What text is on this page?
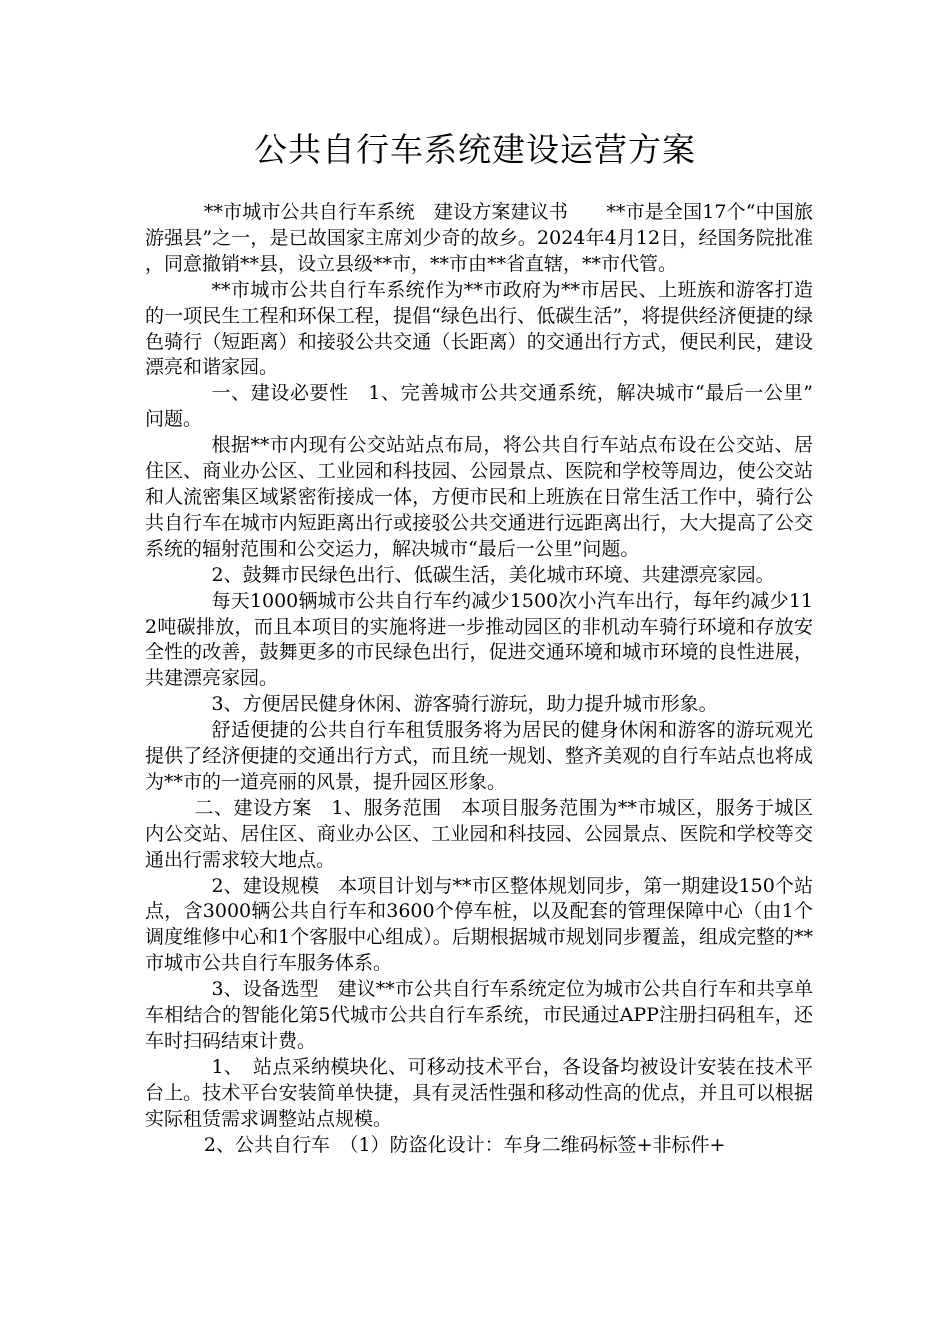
公共自行车系统建设运营方案

**市城市公共自行车系统　建设方案建议书　　**市是全国17个“中国旅游强县”之一，是已故国家主席刘少奇的故乡。2024年4月12日，经国务院批准，同意撤销**县，设立县级**市，**市由**省直辖，**市代管。

**市城市公共自行车系统作为**市政府为**市居民、上班族和游客打造的一项民生工程和环保工程，提倡“绿色出行、低碳生活”，将提供经济便捷的绿色骑行（短距离）和接驳公共交通（长距离）的交通出行方式，便民利民，建设漂亮和谐家园。

一、建设必要性　1、完善城市公共交通系统，解决城市“最后一公里”问题。

根据**市内现有公交站站点布局，将公共自行车站点布设在公交站、居住区、商业办公区、工业园和科技园、公园景点、医院和学校等周边，使公交站和人流密集区域紧密衔接成一体，方便市民和上班族在日常生活工作中，骑行公共自行车在城市内短距离出行或接驳公共交通进行远距离出行，大大提高了公交系统的辐射范围和公交运力，解决城市“最后一公里”问题。

2、鼓舞市民绿色出行、低碳生活，美化城市环境、共建漂亮家园。

每天1000辆城市公共自行车约减少1500次小汽车出行，每年约减少112吨碳排放，而且本项目的实施将进一步推动园区的非机动车骑行环境和存放安全性的改善，鼓舞更多的市民绿色出行，促进交通环境和城市环境的良性进展，共建漂亮家园。

3、方便居民健身休闲、游客骑行游玩，助力提升城市形象。

舒适便捷的公共自行车租赁服务将为居民的健身休闲和游客的游玩观光提供了经济便捷的交通出行方式，而且统一规划、整齐美观的自行车站点也将成为**市的一道亮丽的风景，提升园区形象。

二、建设方案　1、服务范围　本项目服务范围为**市城区，服务于城区内公交站、居住区、商业办公区、工业园和科技园、公园景点、医院和学校等交通出行需求较大地点。

2、建设规模　本项目计划与**市区整体规划同步，第一期建设150个站点，含3000辆公共自行车和3600个停车桩，以及配套的管理保障中心（由1个调度维修中心和1个客服中心组成）。后期根据城市规划同步覆盖，组成完整的**市城市公共自行车服务体系。

3、设备选型　建议**市公共自行车系统定位为城市公共自行车和共享单车相结合的智能化第5代城市公共自行车系统，市民通过APP注册扫码租车，还车时扫码结束计费。

1、　站点采纳模块化、可移动技术平台，各设备均被设计安装在技术平台上。技术平台安装简单快捷，具有灵活性强和移动性高的优点，并且可以根据实际租赁需求调整站点规模。

2、公共自行车　（1）防盗化设计：车身二维码标签+非标件+
